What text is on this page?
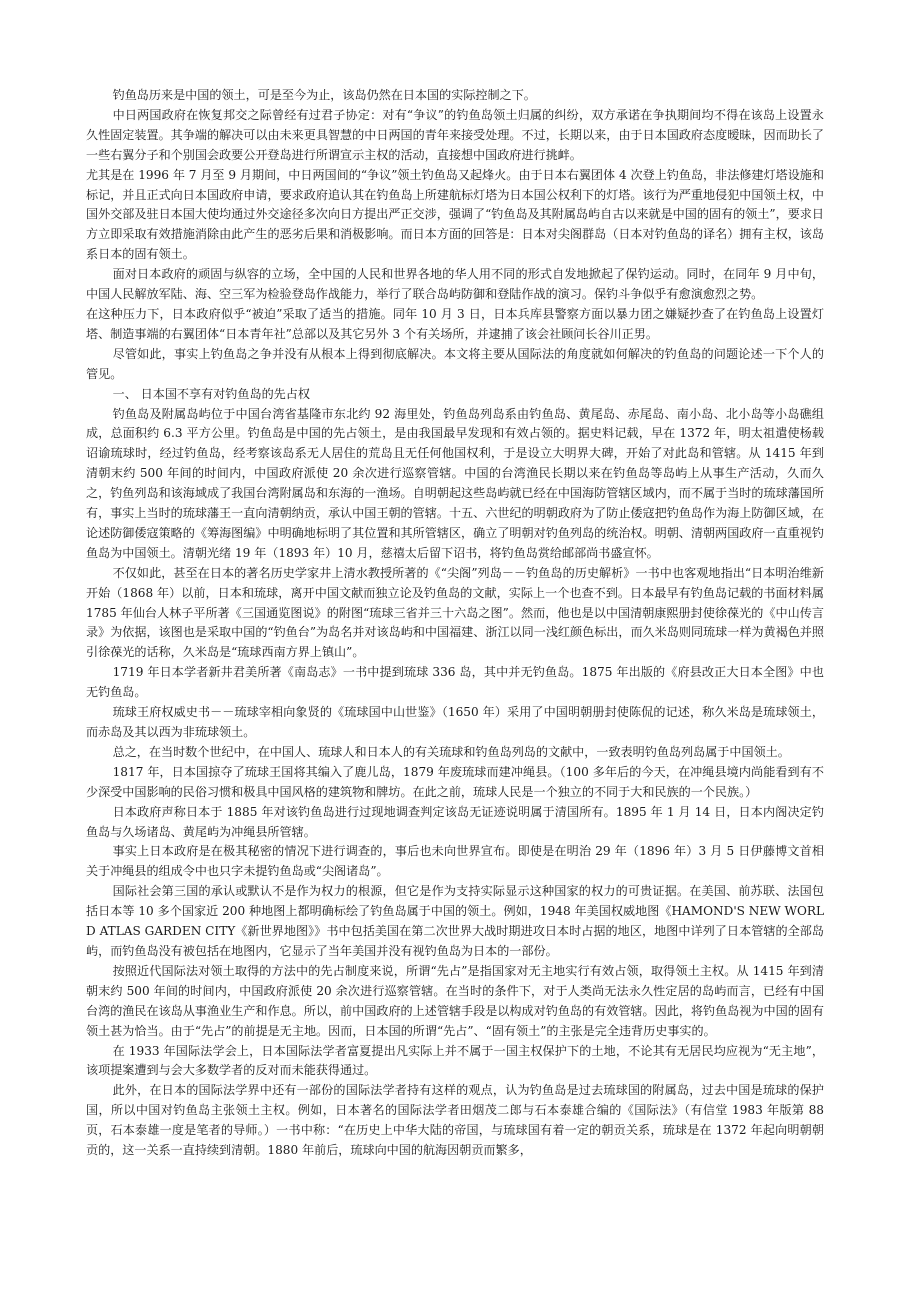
钓鱼岛历来是中国的领土，可是至今为止，该岛仍然在日本国的实际控制之下。

中日两国政府在恢复邦交之际曾经有过君子协定：对有“争议”的钓鱼岛领土归属的纠纷，双方承诺在争执期间均不得在该岛上设置永久性固定装置。其争端的解决可以由未来更具智慧的中日两国的青年来接受处理。不过，长期以来，由于日本国政府态度暧昧，因而助长了一些右翼分子和个别国会政要公开登岛进行所谓宣示主权的活动，直接想中国政府进行挑衅。

尤其是在 1996 年 7 月至 9 月期间，中日两国间的“争议”领土钓鱼岛又起烽火。由于日本右翼团体 4 次登上钓鱼岛，非法修建灯塔设施和标记，并且正式向日本国政府申请，要求政府追认其在钓鱼岛上所建航标灯塔为日本国公权利下的灯塔。该行为严重地侵犯中国领土权，中国外交部及驻日本国大使均通过外交途径多次向日方提出严正交涉，强调了“钓鱼岛及其附属岛屿自古以来就是中国的固有的领土”，要求日方立即采取有效措施消除由此产生的恶劣后果和消极影响。而日本方面的回答是：日本对尖阁群岛（日本对钓鱼岛的译名）拥有主权，该岛系日本的固有领土。

面对日本政府的顽固与纵容的立场，全中国的人民和世界各地的华人用不同的形式自发地掀起了保钓运动。同时，在同年 9 月中旬，中国人民解放军陆、海、空三军为检验登岛作战能力，举行了联合岛屿防御和登陆作战的演习。保钓斗争似乎有愈演愈烈之势。

在这种压力下，日本政府似乎“被迫”采取了适当的措施。同年 10 月 3 日，日本兵库县警察方面以暴力团之嫌疑抄查了在钓鱼岛上设置灯塔、制造事端的右翼团体“日本青年社”总部以及其它另外 3 个有关场所，并逮捕了该会社顾问长谷川正男。

尽管如此，事实上钓鱼岛之争并没有从根本上得到彻底解决。本文将主要从国际法的角度就如何解决的钓鱼岛的问题论述一下个人的管见。

一、 日本国不享有对钓鱼岛的先占权

钓鱼岛及附属岛屿位于中国台湾省基隆市东北约 92 海里处，钓鱼岛列岛系由钓鱼岛、黄尾岛、赤尾岛、南小岛、北小岛等小岛礁组成，总面积约 6.3 平方公里。钓鱼岛是中国的先占领土，是由我国最早发现和有效占领的。据史料记载，早在 1372 年，明太祖遣使杨载诏谕琉球时，经过钓鱼岛，经考察该岛系无人居住的荒岛且无任何他国权利，于是设立大明界大碑，开始了对此岛和管辖。从 1415 年到清朝末约 500 年间的时间内，中国政府派使 20 余次进行巡察管辖。中国的台湾渔民长期以来在钓鱼岛等岛屿上从事生产活动，久而久之，钓鱼列岛和该海域成了我国台湾附属岛和东海的一渔场。自明朝起这些岛屿就已经在中国海防管辖区域内，而不属于当时的琉球藩国所有，事实上当时的琉球藩王一直向清朝纳贡，承认中国王朝的管辖。十五、六世纪的明朝政府为了防止倭寇把钓鱼岛作为海上防御区域，在论述防御倭寇策略的《筹海图编》中明确地标明了其位置和其所管辖区，确立了明朝对钓鱼列岛的统治权。明朝、清朝两国政府一直重视钓鱼岛为中国领土。清朝光绪 19 年（1893 年）10 月，慈禧太后留下诏书，将钓鱼岛赏给邮部尚书盛宣怀。

不仅如此，甚至在日本的著名历史学家井上清水教授所著的《“尖阁”列岛－－钓鱼岛的历史解析》一书中也客观地指出“日本明治维新开始（1868 年）以前，日本和琉球，离开中国文献而独立论及钓鱼岛的文献，实际上一个也查不到。日本最早有钓鱼岛记载的书面材料属 1785 年仙台人林子平所著《三国通览图说》的附图“琉球三省并三十六岛之图”。然而，他也是以中国清朝康熙册封使徐葆光的《中山传言录》为依据，该图也是采取中国的“钓鱼台”为岛名并对该岛屿和中国福建、浙江以同一浅红颜色标出，而久米岛则同琉球一样为黄褐色并照引徐葆光的话称，久米岛是“琉球西南方界上镇山”。

1719 年日本学者新井君美所著《南岛志》一书中提到琉球 336 岛，其中并无钓鱼岛。1875 年出版的《府县改正大日本全图》中也无钓鱼岛。

琉球王府权威史书－－琉球宰相向象贤的《琉球国中山世鉴》（1650 年）采用了中国明朝册封使陈侃的记述，称久米岛是琉球领土，而赤岛及其以西为非琉球领土。

总之，在当时数个世纪中，在中国人、琉球人和日本人的有关琉球和钓鱼岛列岛的文献中，一致表明钓鱼岛列岛属于中国领土。

1817 年，日本国掠夺了琉球王国将其编入了鹿儿岛，1879 年废琉球而建冲绳县。（100 多年后的今天，在冲绳县境内尚能看到有不少深受中国影响的民俗习惯和极具中国风格的建筑物和牌坊。在此之前，琉球人民是一个独立的不同于大和民族的一个民族。）

日本政府声称日本于 1885 年对该钓鱼岛进行过现地调查判定该岛无证迹说明属于清国所有。1895 年 1 月 14 日，日本内阁决定钓鱼岛与久场诸岛、黄尾屿为冲绳县所管辖。

事实上日本政府是在极其秘密的情况下进行调查的，事后也未向世界宣布。即使是在明治 29 年（1896 年）3 月 5 日伊藤博文首相关于冲绳县的组成令中也只字未提钓鱼岛或“尖阁诸岛”。

国际社会第三国的承认或默认不是作为权力的根源，但它是作为支持实际显示这种国家的权力的可贵证据。在美国、前苏联、法国包括日本等 10 多个国家近 200 种地图上都明确标绘了钓鱼岛属于中国的领土。例如，1948 年美国权威地图《HAMOND'S NEW WORLD ATLAS GARDEN CITY《新世界地图》》书中包括美国在第二次世界大战时期进攻日本时占据的地区，地图中详列了日本管辖的全部岛屿，而钓鱼岛没有被包括在地图内，它显示了当年美国并没有视钓鱼岛为日本的一部份。

按照近代国际法对领土取得的方法中的先占制度来说，所谓“先占”是指国家对无主地实行有效占领，取得领土主权。从 1415 年到清朝末约 500 年间的时间内，中国政府派使 20 余次进行巡察管辖。在当时的条件下，对于人类尚无法永久性定居的岛屿而言，已经有中国台湾的渔民在该岛从事渔业生产和作息。所以，前中国政府的上述管辖手段是以构成对钓鱼岛的有效管辖。因此，将钓鱼岛视为中国的固有领土甚为恰当。由于“先占”的前提是无主地。因而，日本国的所谓“先占”、“固有领土”的主张是完全违背历史事实的。

在 1933 年国际法学会上，日本国际法学者富夏提出凡实际上并不属于一国主权保护下的土地，不论其有无居民均应视为“无主地”，该项提案遭到与会大多数学者的反对而未能获得通过。

此外，在日本的国际法学界中还有一部份的国际法学者持有这样的观点，认为钓鱼岛是过去琉球国的附属岛，过去中国是琉球的保护国，所以中国对钓鱼岛主张领土主权。例如，日本著名的国际法学者田烟茂二郎与石本泰雄合编的《国际法》（有信堂 1983 年版第 88 页，石本泰雄一度是笔者的导师。）一书中称：“在历史上中华大陆的帝国，与琉球国有着一定的朝贡关系，琉球是在 1372 年起向明朝朝贡的，这一关系一直持续到清朝。1880 年前后，琉球向中国的航海因朝贡而繁多，
